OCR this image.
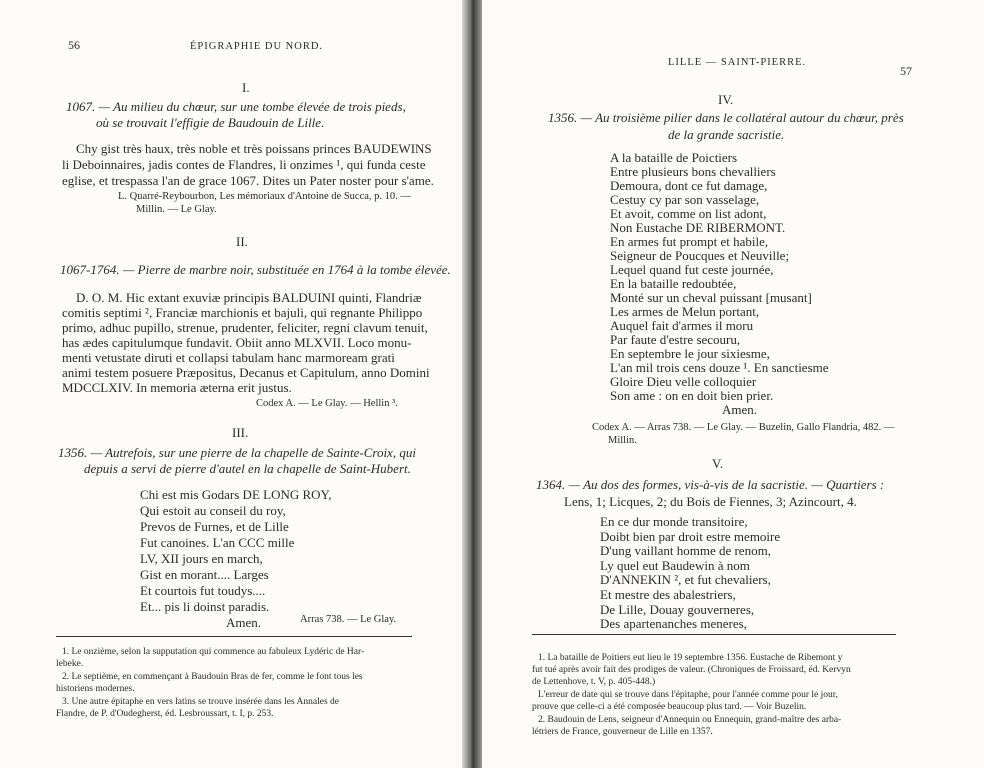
56	ÉPIGRAPHIE DU NORD.
I.
1067. — Au milieu du chœur, sur une tombe élevée de trois pieds,
où se trouvait l'effigie de Baudouin de Lille.
Chy gist très haux, très noble et très poissans princes BAUDEWINS
li Deboinnaires, jadis contes de Flandres, li onzimes ¹, qui funda ceste
eglise, et trespassa l'an de grace 1067. Dites un Pater noster pour s'ame.
L. Quarré-Reybourbon, Les mémoriaux d'Antoine de Succa, p. 10. —
Millin. — Le Glay.
II.
1067-1764. — Pierre de marbre noir, substituée en 1764 à la tombe élevée.
D. O. M. Hic extant exuviæ principis BALDUINI quinti, Flandriæ
comitis septimi ², Franciæ marchionis et bajuli, qui regnante Philippo
primo, adhuc pupillo, strenue, prudenter, feliciter, regni clavum tenuit,
has ædes capitulumque fundavit. Obiit anno MLXVII. Loco monu-
menti vetustate diruti et collapsi tabulam hanc marmoream grati
animi testem posuere Præpositus, Decanus et Capitulum, anno Domini
MDCCLXIV. In memoria æterna erit justus.
Codex A. — Le Glay. — Hellin ³.
III.
1356. — Autrefois, sur une pierre de la chapelle de Sainte-Croix, qui
depuis a servi de pierre d'autel en la chapelle de Saint-Hubert.
Chi est mis Godars DE LONG ROY,
Qui estoit au conseil du roy,
Prevos de Furnes, et de Lille
Fut canoines. L'an CCC mille
LV, XII jours en march,
Gist en morant.... Larges
Et courtois fut toudys....
Et... pis li doinst paradis.
Amen.	Arras 738. — Le Glay.
1. Le onzième, selon la supputation qui commence au fabuleux Lydéric de Har-
lebeke.
2. Le septième, en commençant à Baudouin Bras de fer, comme le font tous les
historiens modernes.
3. Une autre épitaphe en vers latins se trouve insérée dans les Annales de
Flandre, de P. d'Oudegherst, éd. Lesbroussart, t. I, p. 253.
LILLE — SAINT-PIERRE.
57
IV.
1356. — Au troisième pilier dans le collatéral autour du chœur, près
de la grande sacristie.
A la bataille de Poictiers
Entre plusieurs bons chevalliers
Demoura, dont ce fut damage,
Cestuy cy par son vasselage,
Et avoit, comme on list adont,
Non Eustache DE RIBERMONT.
En armes fut prompt et habile,
Seigneur de Poucques et Neuville;
Lequel quand fut ceste journée,
En la bataille redoubtée,
Monté sur un cheval puissant [musant]
Les armes de Melun portant,
Auquel fait d'armes il moru
Par faute d'estre secouru,
En septembre le jour sixiesme,
L'an mil trois cens douze ¹. En sanctiesme
Gloire Dieu velle colloquier
Son ame : on en doit bien prier.
Amen.
Codex A. — Arras 738. — Le Glay. — Buzelin, Gallo Flandria, 482. —
Millin.
V.
1364. — Au dos des formes, vis-à-vis de la sacristie. — Quartiers :
Lens, 1; Licques, 2; du Bois de Fiennes, 3; Azincourt, 4.
En ce dur monde transitoire,
Doibt bien par droit estre memoire
D'ung vaillant homme de renom,
Ly quel eut Baudewin à nom
D'ANNEKIN ², et fut chevaliers,
Et mestre des abalestriers,
De Lille, Douay gouverneres,
Des apartenanches meneres,
1. La bataille de Poitiers eut lieu le 19 septembre 1356. Eustache de Ribemont y
fut tué après avoir fait des prodiges de valeur. (Chroniques de Froissard, éd. Kervyn
de Lettenhove, t. V, p. 405-448.)
L'erreur de date qui se trouve dans l'épitaphe, pour l'année comme pour le jour,
prouve que celle-ci a été composée beaucoup plus tard. — Voir Buzelin.
2. Baudouin de Lens, seigneur d'Annequin ou Ennequin, grand-maître des arba-
létriers de France, gouverneur de Lille en 1357.
